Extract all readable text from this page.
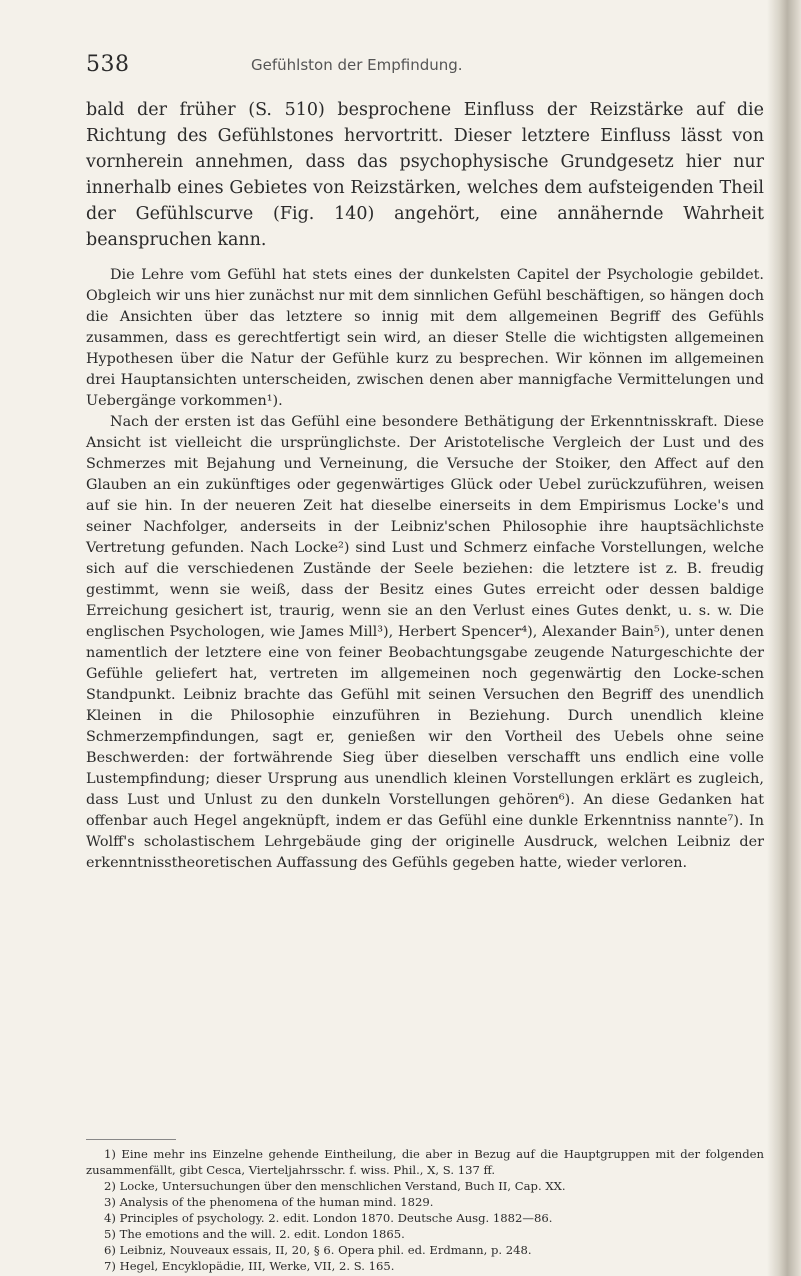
538	Gefühlston der Empfindung.

bald der früher (S. 510) besprochene Einfluss der Reizstärke auf die Richtung des Gefühlstones hervortritt. Dieser letztere Einfluss lässt von vornherein annehmen, dass das psychophysische Grundgesetz hier nur innerhalb eines Gebietes von Reizstärken, welches dem aufsteigenden Theil der Gefühlscurve (Fig. 140) angehört, eine annähernde Wahrheit beanspruchen kann.

Die Lehre vom Gefühl hat stets eines der dunkelsten Capitel der Psychologie gebildet. Obgleich wir uns hier zunächst nur mit dem sinnlichen Gefühl beschäftigen, so hängen doch die Ansichten über das letztere so innig mit dem allgemeinen Begriff des Gefühls zusammen, dass es gerechtfertigt sein wird, an dieser Stelle die wichtigsten allgemeinen Hypothesen über die Natur der Gefühle kurz zu besprechen. Wir können im allgemeinen drei Hauptansichten unterscheiden, zwischen denen aber mannigfache Vermittelungen und Uebergänge vorkommen¹).

Nach der ersten ist das Gefühl eine besondere Bethätigung der Erkenntnisskraft. Diese Ansicht ist vielleicht die ursprünglichste. Der Aristotelische Vergleich der Lust und des Schmerzes mit Bejahung und Verneinung, die Versuche der Stoiker, den Affect auf den Glauben an ein zukünftiges oder gegenwärtiges Glück oder Uebel zurückzuführen, weisen auf sie hin. In der neueren Zeit hat dieselbe einerseits in dem Empirismus Locke's und seiner Nachfolger, anderseits in der Leibniz'schen Philosophie ihre hauptsächlichste Vertretung gefunden. Nach Locke²) sind Lust und Schmerz einfache Vorstellungen, welche sich auf die verschiedenen Zustände der Seele beziehen: die letztere ist z. B. freudig gestimmt, wenn sie weiß, dass der Besitz eines Gutes erreicht oder dessen baldige Erreichung gesichert ist, traurig, wenn sie an den Verlust eines Gutes denkt, u. s. w. Die englischen Psychologen, wie James Mill³), Herbert Spencer⁴), Alexander Bain⁵), unter denen namentlich der letztere eine von feiner Beobachtungsgabe zeugende Naturgeschichte der Gefühle geliefert hat, vertreten im allgemeinen noch gegenwärtig den Locke-schen Standpunkt. Leibniz brachte das Gefühl mit seinen Versuchen den Begriff des unendlich Kleinen in die Philosophie einzuführen in Beziehung. Durch unendlich kleine Schmerzempfindungen, sagt er, genießen wir den Vortheil des Uebels ohne seine Beschwerden: der fortwährende Sieg über dieselben verschafft uns endlich eine volle Lustempfindung; dieser Ursprung aus unendlich kleinen Vorstellungen erklärt es zugleich, dass Lust und Unlust zu den dunkeln Vorstellungen gehören⁶). An diese Gedanken hat offenbar auch Hegel angeknüpft, indem er das Gefühl eine dunkle Erkenntniss nannte⁷). In Wolff's scholastischem Lehrgebäude ging der originelle Ausdruck, welchen Leibniz der erkenntnisstheoretischen Auffassung des Gefühls gegeben hatte, wieder verloren.

1) Eine mehr ins Einzelne gehende Eintheilung, die aber in Bezug auf die Hauptgruppen mit der folgenden zusammenfällt, gibt Cesca, Vierteljahrsschr. f. wiss. Phil., X, S. 137 ff.

2) Locke, Untersuchungen über den menschlichen Verstand, Buch II, Cap. XX.

3) Analysis of the phenomena of the human mind. 1829.

4) Principles of psychology. 2. edit. London 1870. Deutsche Ausg. 1882—86.

5) The emotions and the will. 2. edit. London 1865.

6) Leibniz, Nouveaux essais, II, 20, § 6. Opera phil. ed. Erdmann, p. 248.

7) Hegel, Encyklopädie, III, Werke, VII, 2. S. 165.
